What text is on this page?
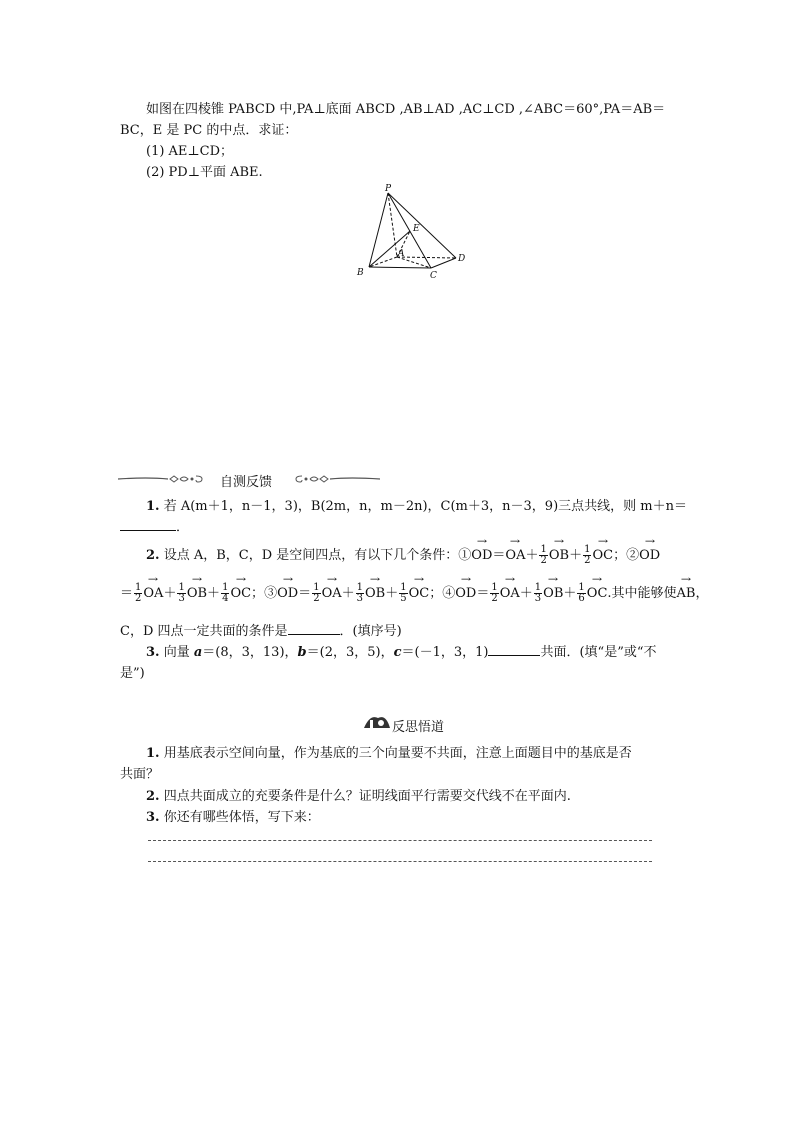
如图在四棱锥 PABCD 中,PA⊥底面 ABCD ,AB⊥AD ,AC⊥CD ,∠ABC＝60°,PA＝AB＝
BC，E 是 PC 的中点．求证：
(1) AE⊥CD；
(2) PD⊥平面 ABE.
P
E
A	D
B	C
自测反馈
1. 若 A(m＋1，n－1，3)，B(2m，n，m－2n)，C(m＋3，n－3，9)三点共线，则 m＋n＝
．
2. 设点 A，B，C，D 是空间四点，有以下几个条件：①→ $OD=\to OA+ \frac{1}{2}$
→ $OB+ \frac{1}{2}$
→ OC；②→ OD
＝ $\frac{1}{2}$
→ $OA+ \frac{1}{3}$
→ $OB+ \frac{1}{4}$
→ OC；③→ $OD= \frac{1}{2}$
→ $OA+ \frac{1}{3}$
→ $OB+ \frac{1}{5}$
→ OC；④→ $OD= \frac{1}{2}$
→ $OA+ \frac{1}{3}$
→ $OB+ \frac{1}{6}$
→ OC.其中能够使→ AB，
C，D 四点一定共面的条件是	．(填序号)
3. 向量 a＝(8，3，13)，b＝(2，3，5)，c＝(－1，3，1)	共面．(填“是”或“不
是”)
反思悟道
1. 用基底表示空间向量，作为基底的三个向量要不共面，注意上面题目中的基底是否
共面？
2. 四点共面成立的充要条件是什么？证明线面平行需要交代线不在平面内.
3. 你还有哪些体悟，写下来：
